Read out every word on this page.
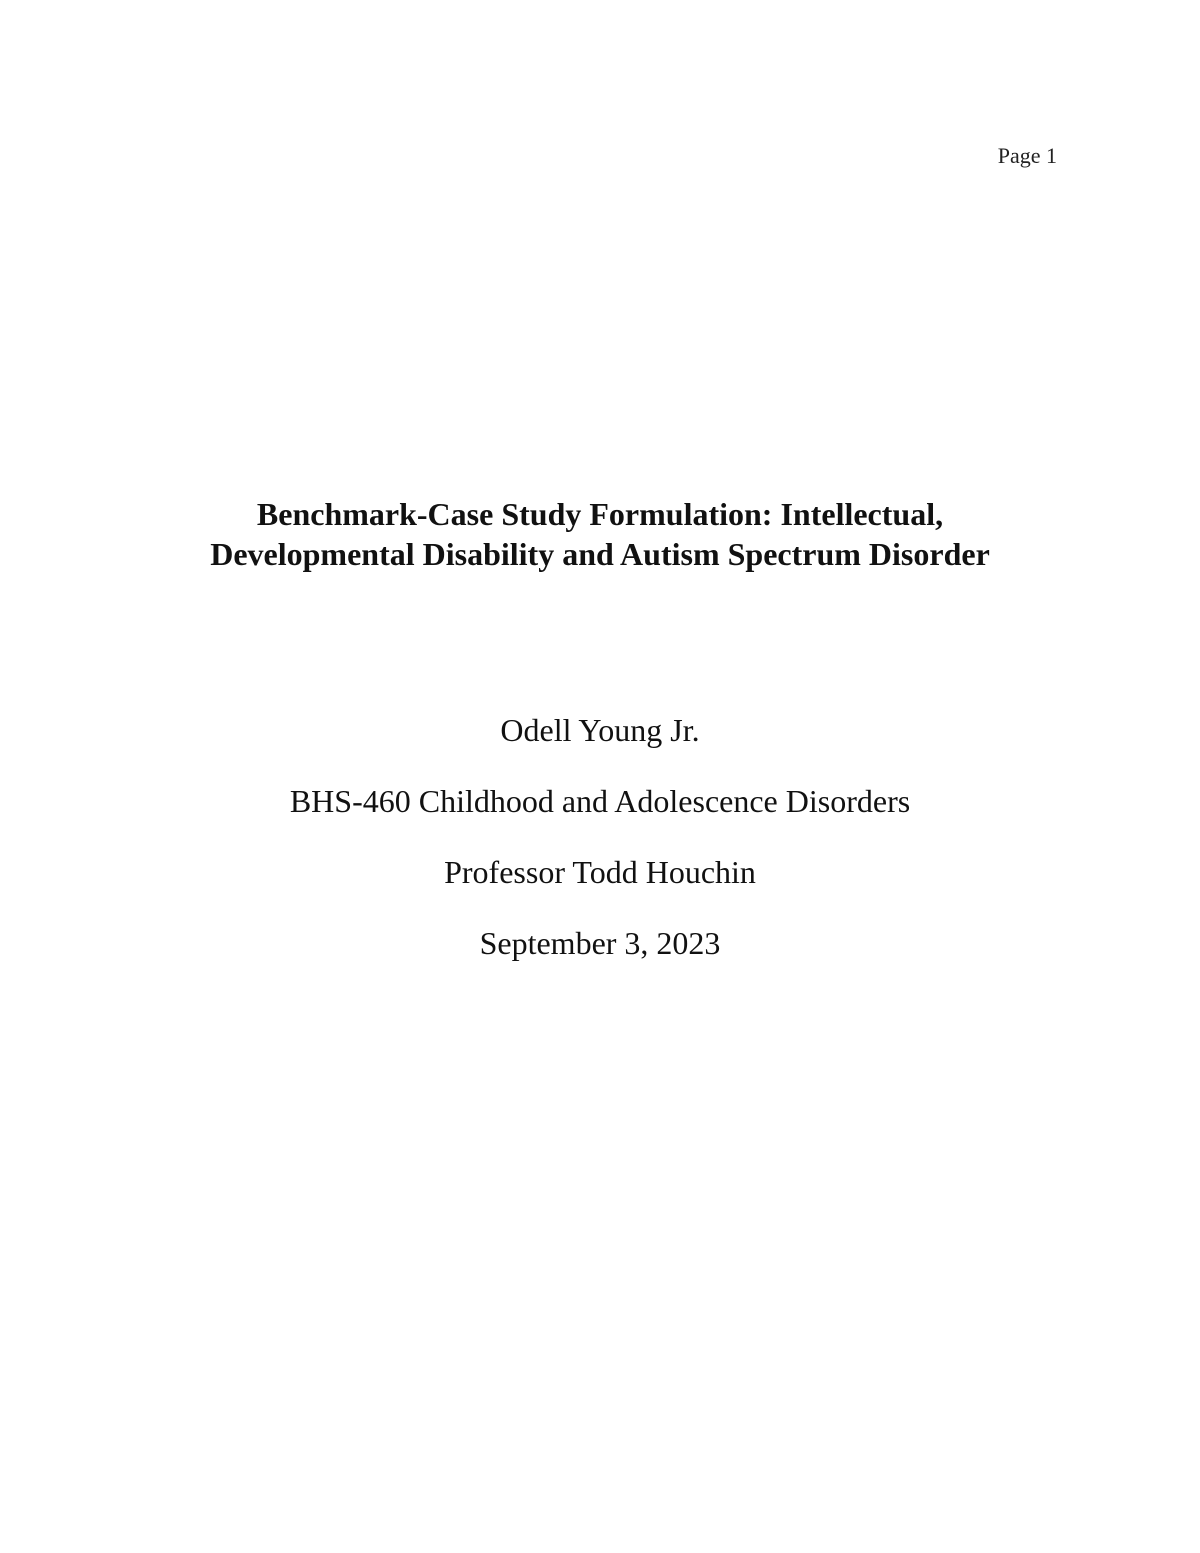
Page 1
Benchmark-Case Study Formulation: Intellectual,
Developmental Disability and Autism Spectrum Disorder
Odell Young Jr.
BHS-460 Childhood and Adolescence Disorders
Professor Todd Houchin
September 3, 2023
